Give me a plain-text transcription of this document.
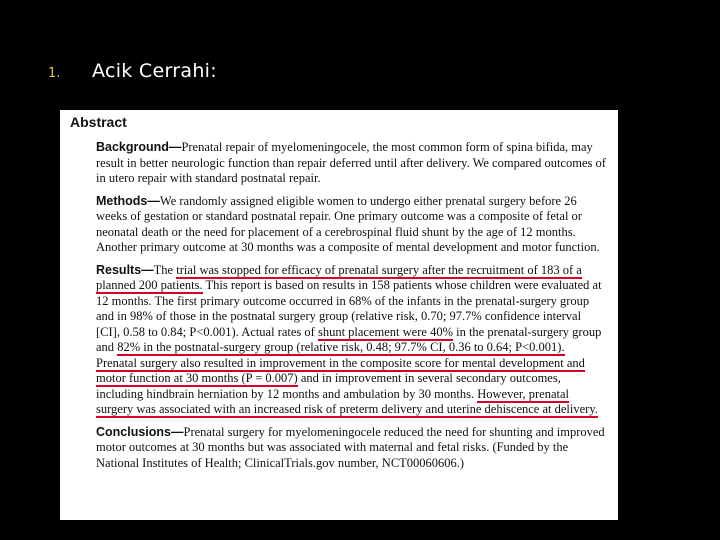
1.	Acik Cerrahi:
Abstract

Background—Prenatal repair of myelomeningocele, the most common form of spina bifida, may result in better neurologic function than repair deferred until after delivery. We compared outcomes of in utero repair with standard postnatal repair.

Methods—We randomly assigned eligible women to undergo either prenatal surgery before 26 weeks of gestation or standard postnatal repair. One primary outcome was a composite of fetal or neonatal death or the need for placement of a cerebrospinal fluid shunt by the age of 12 months. Another primary outcome at 30 months was a composite of mental development and motor function.

Results—The trial was stopped for efficacy of prenatal surgery after the recruitment of 183 of a planned 200 patients. This report is based on results in 158 patients whose children were evaluated at 12 months. The first primary outcome occurred in 68% of the infants in the prenatal-surgery group and in 98% of those in the postnatal surgery group (relative risk, 0.70; 97.7% confidence interval [CI], 0.58 to 0.84; P<0.001). Actual rates of shunt placement were 40% in the prenatal-surgery group and 82% in the postnatal-surgery group (relative risk, 0.48; 97.7% CI, 0.36 to 0.64; P<0.001). Prenatal surgery also resulted in improvement in the composite score for mental development and motor function at 30 months (P = 0.007) and in improvement in several secondary outcomes, including hindbrain herniation by 12 months and ambulation by 30 months. However, prenatal surgery was associated with an increased risk of preterm delivery and uterine dehiscence at delivery.

Conclusions—Prenatal surgery for myelomeningocele reduced the need for shunting and improved motor outcomes at 30 months but was associated with maternal and fetal risks. (Funded by the National Institutes of Health; ClinicalTrials.gov number, NCT00060606.)
